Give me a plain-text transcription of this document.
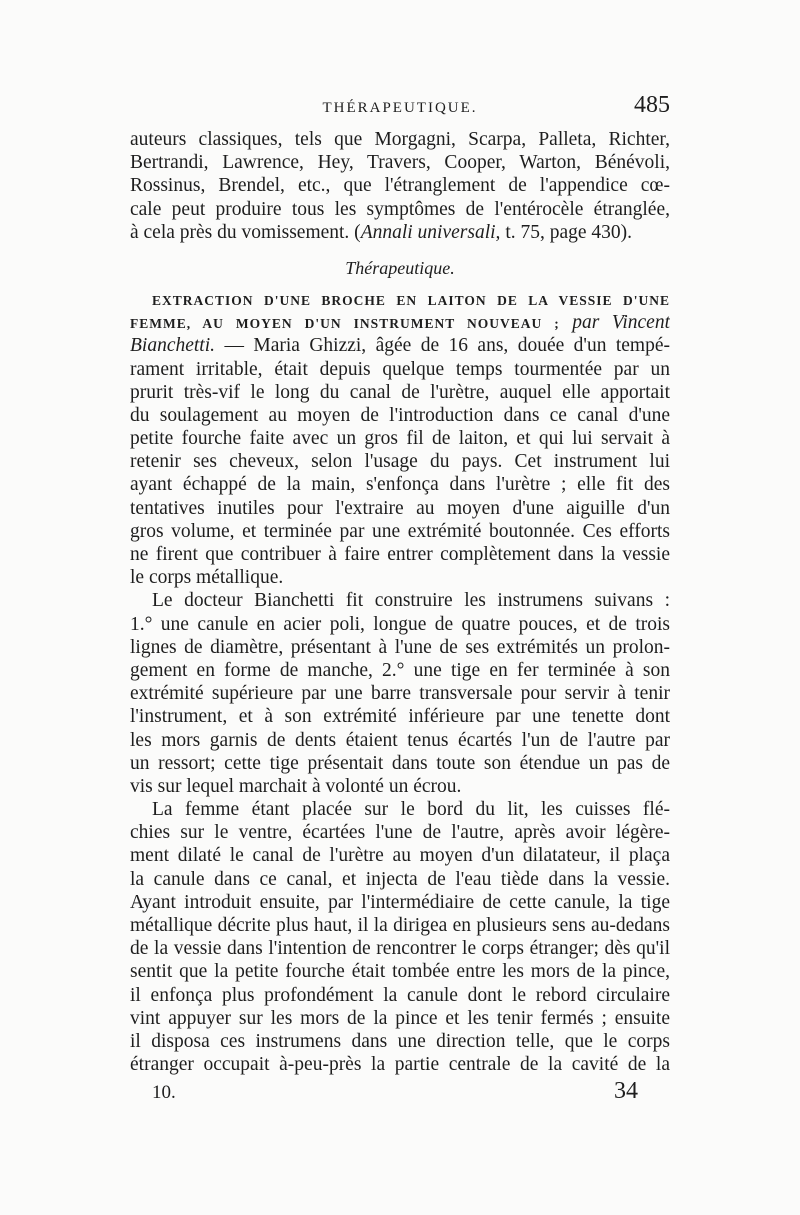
THÉRAPEUTIQUE.	485
auteurs classiques, tels que Morgagni, Scarpa, Palleta, Richter,
Bertrandi, Lawrence, Hey, Travers, Cooper, Warton, Bénévoli,
Rossinus, Brendel, etc., que l'étranglement de l'appendice cœ-
cale peut produire tous les symptômes de l'entérocèle étranglée,
à cela près du vomissement. (Annali universali, t. 75, page 430).
Thérapeutique.
EXTRACTION D'UNE BROCHE EN LAITON DE LA VESSIE D'UNE
FEMME, AU MOYEN D'UN INSTRUMENT NOUVEAU ; par Vincent
Bianchetti. — Maria Ghizzi, âgée de 16 ans, douée d'un tempé-
rament irritable, était depuis quelque temps tourmentée par un
prurit très-vif le long du canal de l'urètre, auquel elle apportait
du soulagement au moyen de l'introduction dans ce canal d'une
petite fourche faite avec un gros fil de laiton, et qui lui servait à
retenir ses cheveux, selon l'usage du pays. Cet instrument lui
ayant échappé de la main, s'enfonça dans l'urètre ; elle fit des
tentatives inutiles pour l'extraire au moyen d'une aiguille d'un
gros volume, et terminée par une extrémité boutonnée. Ces efforts
ne firent que contribuer à faire entrer complètement dans la vessie
le corps métallique.
Le docteur Bianchetti fit construire les instrumens suivans :
1.° une canule en acier poli, longue de quatre pouces, et de trois
lignes de diamètre, présentant à l'une de ses extrémités un prolon-
gement en forme de manche, 2.° une tige en fer terminée à son
extrémité supérieure par une barre transversale pour servir à tenir
l'instrument, et à son extrémité inférieure par une tenette dont
les mors garnis de dents étaient tenus écartés l'un de l'autre par
un ressort; cette tige présentait dans toute son étendue un pas de
vis sur lequel marchait à volonté un écrou.
La femme étant placée sur le bord du lit, les cuisses flé-
chies sur le ventre, écartées l'une de l'autre, après avoir légère-
ment dilaté le canal de l'urètre au moyen d'un dilatateur, il plaça
la canule dans ce canal, et injecta de l'eau tiède dans la vessie.
Ayant introduit ensuite, par l'intermédiaire de cette canule, la tige
métallique décrite plus haut, il la dirigea en plusieurs sens au-dedans
de la vessie dans l'intention de rencontrer le corps étranger; dès qu'il
sentit que la petite fourche était tombée entre les mors de la pince,
il enfonça plus profondément la canule dont le rebord circulaire
vint appuyer sur les mors de la pince et les tenir fermés ; ensuite
il disposa ces instrumens dans une direction telle, que le corps
étranger occupait à-peu-près la partie centrale de la cavité de la
10.	34
